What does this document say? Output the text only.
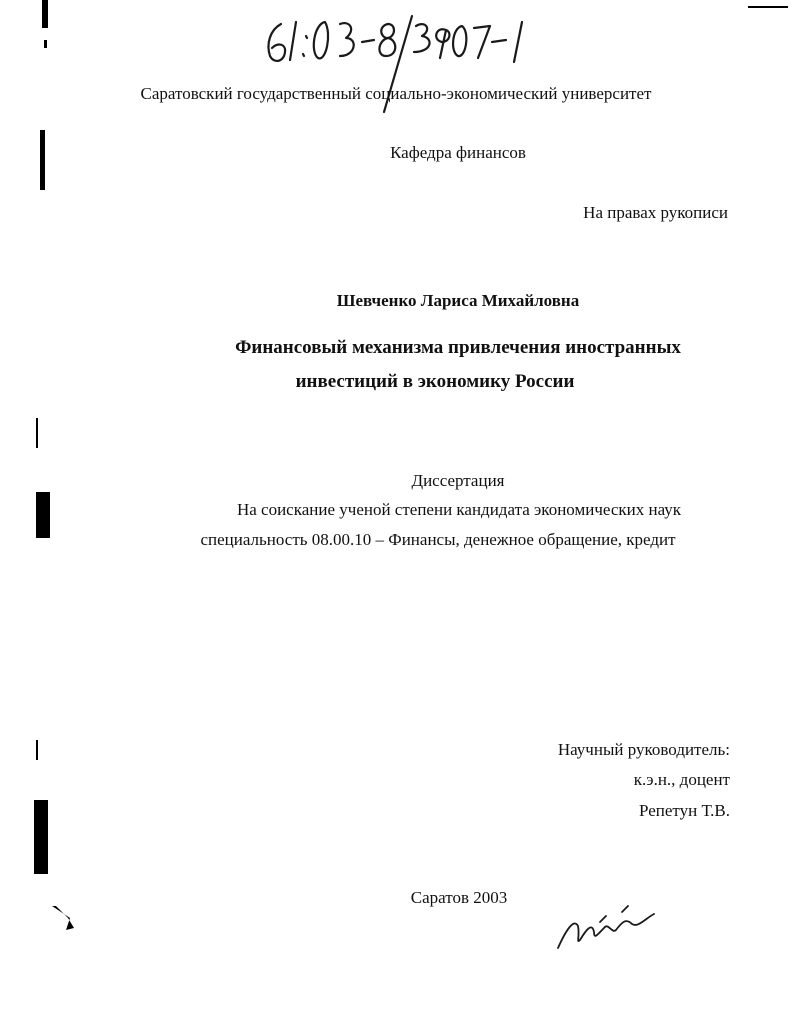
Саратовский государственный социально-экономический университет
Кафедра финансов
На правах рукописи
Шевченко Лариса Михайловна
Финансовый механизма привлечения иностранных
инвестиций в экономику России
Диссертация
На соискание ученой степени кандидата экономических наук
специальность 08.00.10 – Финансы, денежное обращение, кредит
Научный руководитель:
к.э.н., доцент
Репетун Т.В.
Саратов 2003
